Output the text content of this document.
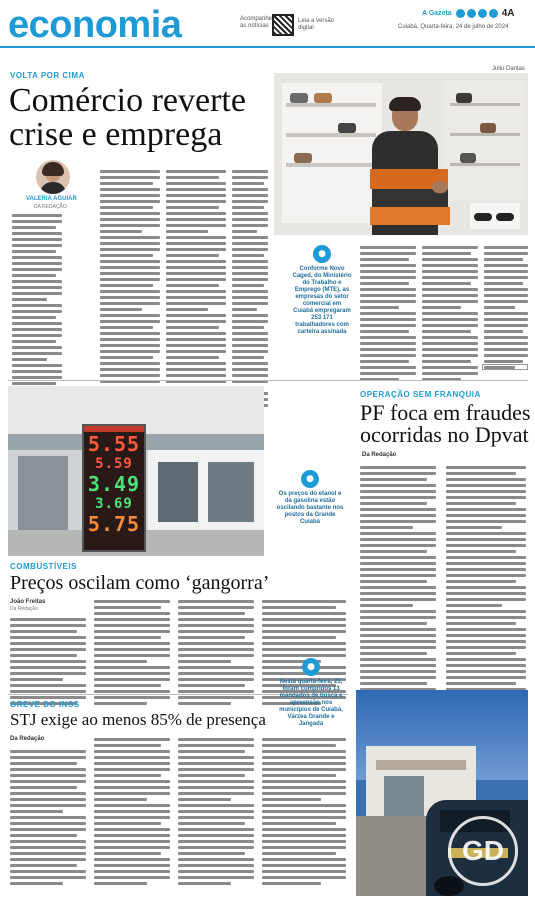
economia	Acompanhe as notícias
Leia a versão digital
A Gazeta	4A
Cuiabá, Quarta-feira, 24 de julho de 2024
VOLTA POR CIMA
Comércio reverte
crise e emprega
VALERIA AGUIAR
DA REDAÇÃO
Julio Dantas
●
Conforme Novo Caged, do Ministério do Trabalho e Emprego (MTE), as empresas do setor comercial em Cuiabá empregaram 253 171 trabalhadores com carteira assinada
5.55
5.59
3.49
3.69
5.75
●
Os preços do etanol e da gasolina estão oscilando bastante nos postos da Grande Cuiabá
OPERAÇÃO SEM FRANQUIA
PF foca em fraudes
ocorridas no Dpvat
Da Redação
COMBUSTÍVEIS
Preços oscilam como ‘gangorra’
João Freitas
Da Redação
GREVE DO INSS
STJ exige ao menos 85% de presença
Da Redação
●
Nesta quarta-feira, 23, foram cumpridos 13 mandados de busca e apreensão nos municípios de Cuiabá, Várzea Grande e Jangada
GD
